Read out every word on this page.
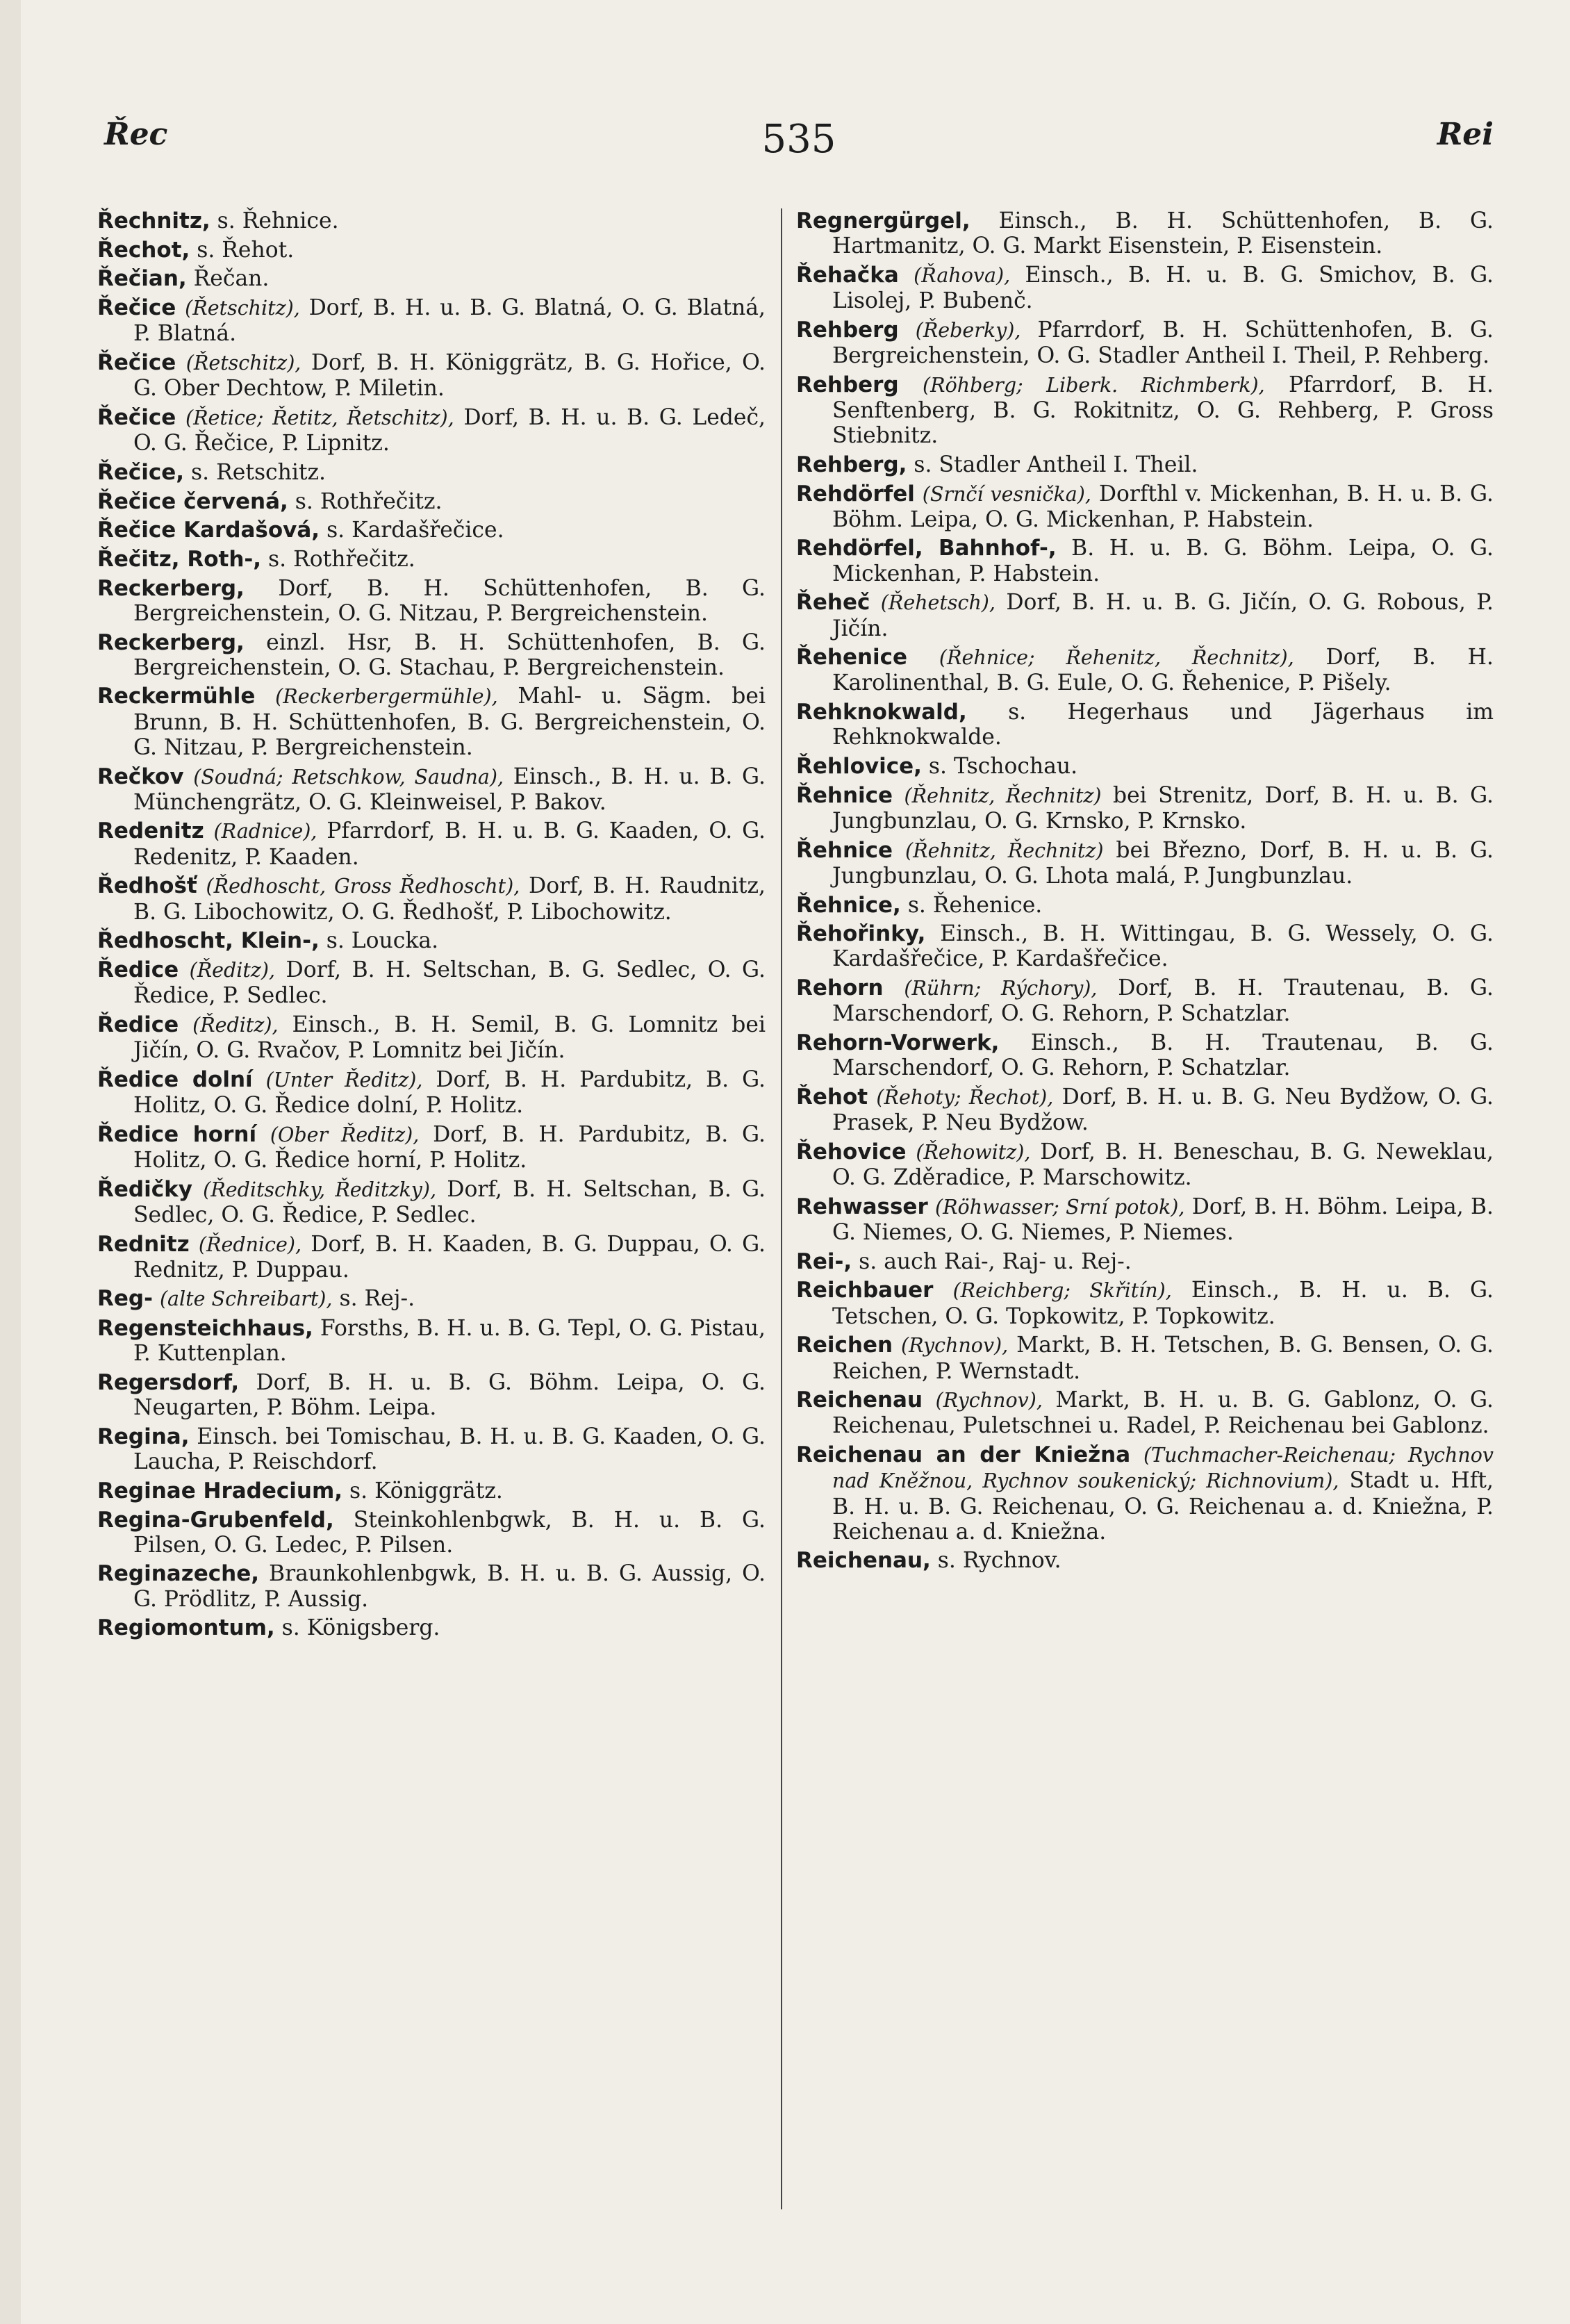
Řec	535	Rei

Řechnitz, s. Řehnice.

Řechot, s. Řehot.

Řečian, Řečan.

Řečice (Řetschitz), Dorf, B. H. u. B. G. Blatná, O. G. Blatná, P. Blatná.

Řečice (Řetschitz), Dorf, B. H. Königgrätz, B. G. Hořice, O. G. Ober Dechtow, P. Miletin.

Řečice (Řetice; Řetitz, Řetschitz), Dorf, B. H. u. B. G. Ledeč, O. G. Řečice, P. Lipnitz.

Řečice, s. Retschitz.

Řečice červená, s. Rothřečitz.

Řečice Kardašová, s. Kardašřečice.

Řečitz, Roth-, s. Rothřečitz.

Reckerberg, Dorf, B. H. Schüttenhofen, B. G. Bergreichenstein, O. G. Nitzau, P. Bergreichenstein.

Reckerberg, einzl. Hsr, B. H. Schüttenhofen, B. G. Bergreichenstein, O. G. Stachau, P. Bergreichenstein.

Reckermühle (Reckerbergermühle), Mahl- u. Sägm. bei Brunn, B. H. Schüttenhofen, B. G. Bergreichenstein, O. G. Nitzau, P. Bergreichenstein.

Rečkov (Soudná; Retschkow, Saudna), Einsch., B. H. u. B. G. Münchengrätz, O. G. Kleinweisel, P. Bakov.

Redenitz (Radnice), Pfarrdorf, B. H. u. B. G. Kaaden, O. G. Redenitz, P. Kaaden.

Ředhošť (Ředhoscht, Gross Ředhoscht), Dorf, B. H. Raudnitz, B. G. Libochowitz, O. G. Ředhošť, P. Libochowitz.

Ředhoscht, Klein-, s. Loucka.

Ředice (Ředitz), Dorf, B. H. Seltschan, B. G. Sedlec, O. G. Ředice, P. Sedlec.

Ředice (Ředitz), Einsch., B. H. Semil, B. G. Lomnitz bei Jičín, O. G. Rvačov, P. Lomnitz bei Jičín.

Ředice dolní (Unter Ředitz), Dorf, B. H. Pardubitz, B. G. Holitz, O. G. Ředice dolní, P. Holitz.

Ředice horní (Ober Ředitz), Dorf, B. H. Pardubitz, B. G. Holitz, O. G. Ředice horní, P. Holitz.

Ředičky (Ředitschky, Ředitzky), Dorf, B. H. Seltschan, B. G. Sedlec, O. G. Ředice, P. Sedlec.

Rednitz (Řednice), Dorf, B. H. Kaaden, B. G. Duppau, O. G. Rednitz, P. Duppau.

Reg- (alte Schreibart), s. Rej-.

Regensteichhaus, Forsths, B. H. u. B. G. Tepl, O. G. Pistau, P. Kuttenplan.

Regersdorf, Dorf, B. H. u. B. G. Böhm. Leipa, O. G. Neugarten, P. Böhm. Leipa.

Regina, Einsch. bei Tomischau, B. H. u. B. G. Kaaden, O. G. Laucha, P. Reischdorf.

Reginae Hradecium, s. Königgrätz.

Regina-Grubenfeld, Steinkohlenbgwk, B. H. u. B. G. Pilsen, O. G. Ledec, P. Pilsen.

Reginazeche, Braunkohlenbgwk, B. H. u. B. G. Aussig, O. G. Prödlitz, P. Aussig.

Regiomontum, s. Königsberg.

Regnergürgel, Einsch., B. H. Schüttenhofen, B. G. Hartmanitz, O. G. Markt Eisenstein, P. Eisenstein.

Řehačka (Řahova), Einsch., B. H. u. B. G. Smichov, B. G. Lisolej, P. Bubenč.

Rehberg (Řeberky), Pfarrdorf, B. H. Schüttenhofen, B. G. Bergreichenstein, O. G. Stadler Antheil I. Theil, P. Rehberg.

Rehberg (Röhberg; Liberk. Richmberk), Pfarrdorf, B. H. Senftenberg, B. G. Rokitnitz, O. G. Rehberg, P. Gross Stiebnitz.

Rehberg, s. Stadler Antheil I. Theil.

Rehdörfel (Srnčí vesnička), Dorfthl v. Mickenhan, B. H. u. B. G. Böhm. Leipa, O. G. Mickenhan, P. Habstein.

Rehdörfel, Bahnhof-, B. H. u. B. G. Böhm. Leipa, O. G. Mickenhan, P. Habstein.

Řeheč (Řehetsch), Dorf, B. H. u. B. G. Jičín, O. G. Robous, P. Jičín.

Řehenice (Řehnice; Řehenitz, Řechnitz), Dorf, B. H. Karolinenthal, B. G. Eule, O. G. Řehenice, P. Pišely.

Rehknokwald, s. Hegerhaus und Jägerhaus im Rehknokwalde.

Řehlovice, s. Tschochau.

Řehnice (Řehnitz, Řechnitz) bei Strenitz, Dorf, B. H. u. B. G. Jungbunzlau, O. G. Krnsko, P. Krnsko.

Řehnice (Řehnitz, Řechnitz) bei Březno, Dorf, B. H. u. B. G. Jungbunzlau, O. G. Lhota malá, P. Jungbunzlau.

Řehnice, s. Řehenice.

Řehořinky, Einsch., B. H. Wittingau, B. G. Wessely, O. G. Kardašřečice, P. Kardašřečice.

Rehorn (Rührn; Rýchory), Dorf, B. H. Trautenau, B. G. Marschendorf, O. G. Rehorn, P. Schatzlar.

Rehorn-Vorwerk, Einsch., B. H. Trautenau, B. G. Marschendorf, O. G. Rehorn, P. Schatzlar.

Řehot (Řehoty; Řechot), Dorf, B. H. u. B. G. Neu Bydžow, O. G. Prasek, P. Neu Bydžow.

Řehovice (Řehowitz), Dorf, B. H. Beneschau, B. G. Neweklau, O. G. Zděradice, P. Marschowitz.

Rehwasser (Röhwasser; Srní potok), Dorf, B. H. Böhm. Leipa, B. G. Niemes, O. G. Niemes, P. Niemes.

Rei-, s. auch Rai-, Raj- u. Rej-.

Reichbauer (Reichberg; Skřitín), Einsch., B. H. u. B. G. Tetschen, O. G. Topkowitz, P. Topkowitz.

Reichen (Rychnov), Markt, B. H. Tetschen, B. G. Bensen, O. G. Reichen, P. Wernstadt.

Reichenau (Rychnov), Markt, B. H. u. B. G. Gablonz, O. G. Reichenau, Puletschnei u. Radel, P. Reichenau bei Gablonz.

Reichenau an der Kniežna (Tuchmacher-Reichenau; Rychnov nad Kněžnou, Rychnov soukenický; Richnovium), Stadt u. Hft, B. H. u. B. G. Reichenau, O. G. Reichenau a. d. Kniežna, P. Reichenau a. d. Kniežna.

Reichenau, s. Rychnov.
